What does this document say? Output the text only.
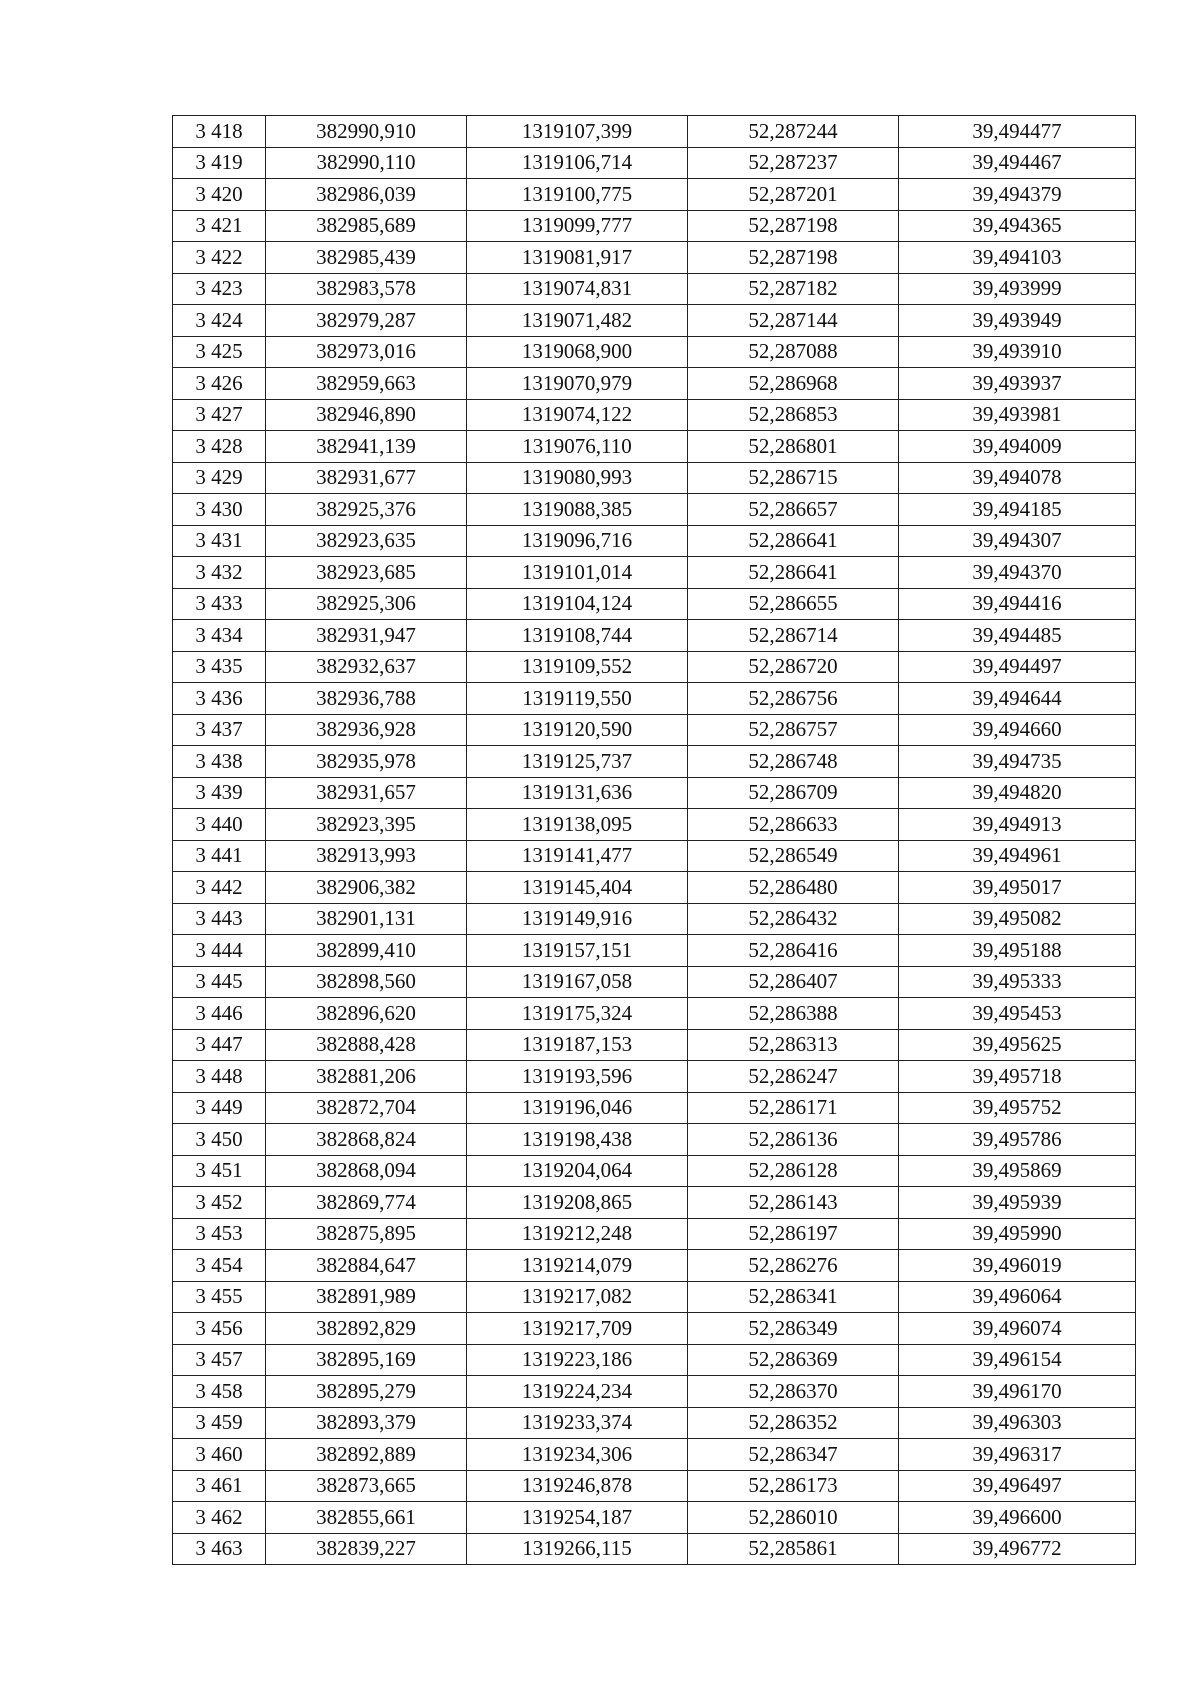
3 418	382990,910	1319107,399	52,287244	39,494477
3 419	382990,110	1319106,714	52,287237	39,494467
3 420	382986,039	1319100,775	52,287201	39,494379
3 421	382985,689	1319099,777	52,287198	39,494365
3 422	382985,439	1319081,917	52,287198	39,494103
3 423	382983,578	1319074,831	52,287182	39,493999
3 424	382979,287	1319071,482	52,287144	39,493949
3 425	382973,016	1319068,900	52,287088	39,493910
3 426	382959,663	1319070,979	52,286968	39,493937
3 427	382946,890	1319074,122	52,286853	39,493981
3 428	382941,139	1319076,110	52,286801	39,494009
3 429	382931,677	1319080,993	52,286715	39,494078
3 430	382925,376	1319088,385	52,286657	39,494185
3 431	382923,635	1319096,716	52,286641	39,494307
3 432	382923,685	1319101,014	52,286641	39,494370
3 433	382925,306	1319104,124	52,286655	39,494416
3 434	382931,947	1319108,744	52,286714	39,494485
3 435	382932,637	1319109,552	52,286720	39,494497
3 436	382936,788	1319119,550	52,286756	39,494644
3 437	382936,928	1319120,590	52,286757	39,494660
3 438	382935,978	1319125,737	52,286748	39,494735
3 439	382931,657	1319131,636	52,286709	39,494820
3 440	382923,395	1319138,095	52,286633	39,494913
3 441	382913,993	1319141,477	52,286549	39,494961
3 442	382906,382	1319145,404	52,286480	39,495017
3 443	382901,131	1319149,916	52,286432	39,495082
3 444	382899,410	1319157,151	52,286416	39,495188
3 445	382898,560	1319167,058	52,286407	39,495333
3 446	382896,620	1319175,324	52,286388	39,495453
3 447	382888,428	1319187,153	52,286313	39,495625
3 448	382881,206	1319193,596	52,286247	39,495718
3 449	382872,704	1319196,046	52,286171	39,495752
3 450	382868,824	1319198,438	52,286136	39,495786
3 451	382868,094	1319204,064	52,286128	39,495869
3 452	382869,774	1319208,865	52,286143	39,495939
3 453	382875,895	1319212,248	52,286197	39,495990
3 454	382884,647	1319214,079	52,286276	39,496019
3 455	382891,989	1319217,082	52,286341	39,496064
3 456	382892,829	1319217,709	52,286349	39,496074
3 457	382895,169	1319223,186	52,286369	39,496154
3 458	382895,279	1319224,234	52,286370	39,496170
3 459	382893,379	1319233,374	52,286352	39,496303
3 460	382892,889	1319234,306	52,286347	39,496317
3 461	382873,665	1319246,878	52,286173	39,496497
3 462	382855,661	1319254,187	52,286010	39,496600
3 463	382839,227	1319266,115	52,285861	39,496772
